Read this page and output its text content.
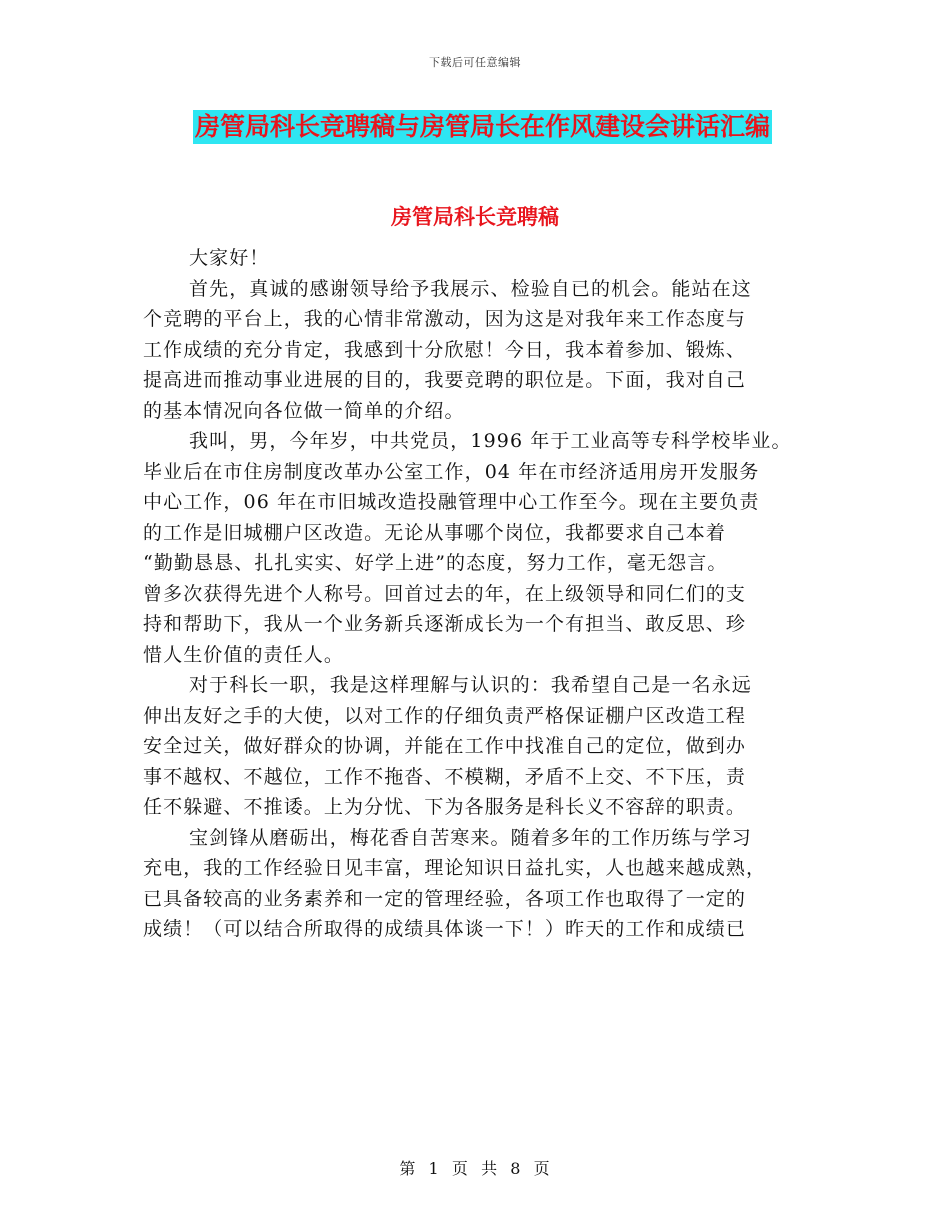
下载后可任意编辑
房管局科长竞聘稿与房管局长在作风建设会讲话汇编
房管局科长竞聘稿
大家好！
首先，真诚的感谢领导给予我展示、检验自已的机会。能站在这
个竞聘的平台上，我的心情非常激动，因为这是对我年来工作态度与
工作成绩的充分肯定，我感到十分欣慰！今日，我本着参加、锻炼、
提高进而推动事业进展的目的，我要竞聘的职位是。下面，我对自己
的基本情况向各位做一简单的介绍。
我叫，男，今年岁，中共党员，1996 年于工业高等专科学校毕业。
毕业后在市住房制度改革办公室工作，04 年在市经济适用房开发服务
中心工作，06 年在市旧城改造投融管理中心工作至今。现在主要负责
的工作是旧城棚户区改造。无论从事哪个岗位，我都要求自己本着
“勤勤恳恳、扎扎实实、好学上进”的态度，努力工作，毫无怨言。
曾多次获得先进个人称号。回首过去的年，在上级领导和同仁们的支
持和帮助下，我从一个业务新兵逐渐成长为一个有担当、敢反思、珍
惜人生价值的责任人。
对于科长一职，我是这样理解与认识的：我希望自己是一名永远
伸出友好之手的大使，以对工作的仔细负责严格保证棚户区改造工程
安全过关，做好群众的协调，并能在工作中找准自己的定位，做到办
事不越权、不越位，工作不拖沓、不模糊，矛盾不上交、不下压，责
任不躲避、不推诿。上为分忧、下为各服务是科长义不容辞的职责。
宝剑锋从磨砺出，梅花香自苦寒来。随着多年的工作历练与学习
充电，我的工作经验日见丰富，理论知识日益扎实，人也越来越成熟，
已具备较高的业务素养和一定的管理经验，各项工作也取得了一定的
成绩！（可以结合所取得的成绩具体谈一下！）昨天的工作和成绩已
第  1  页  共  8  页
